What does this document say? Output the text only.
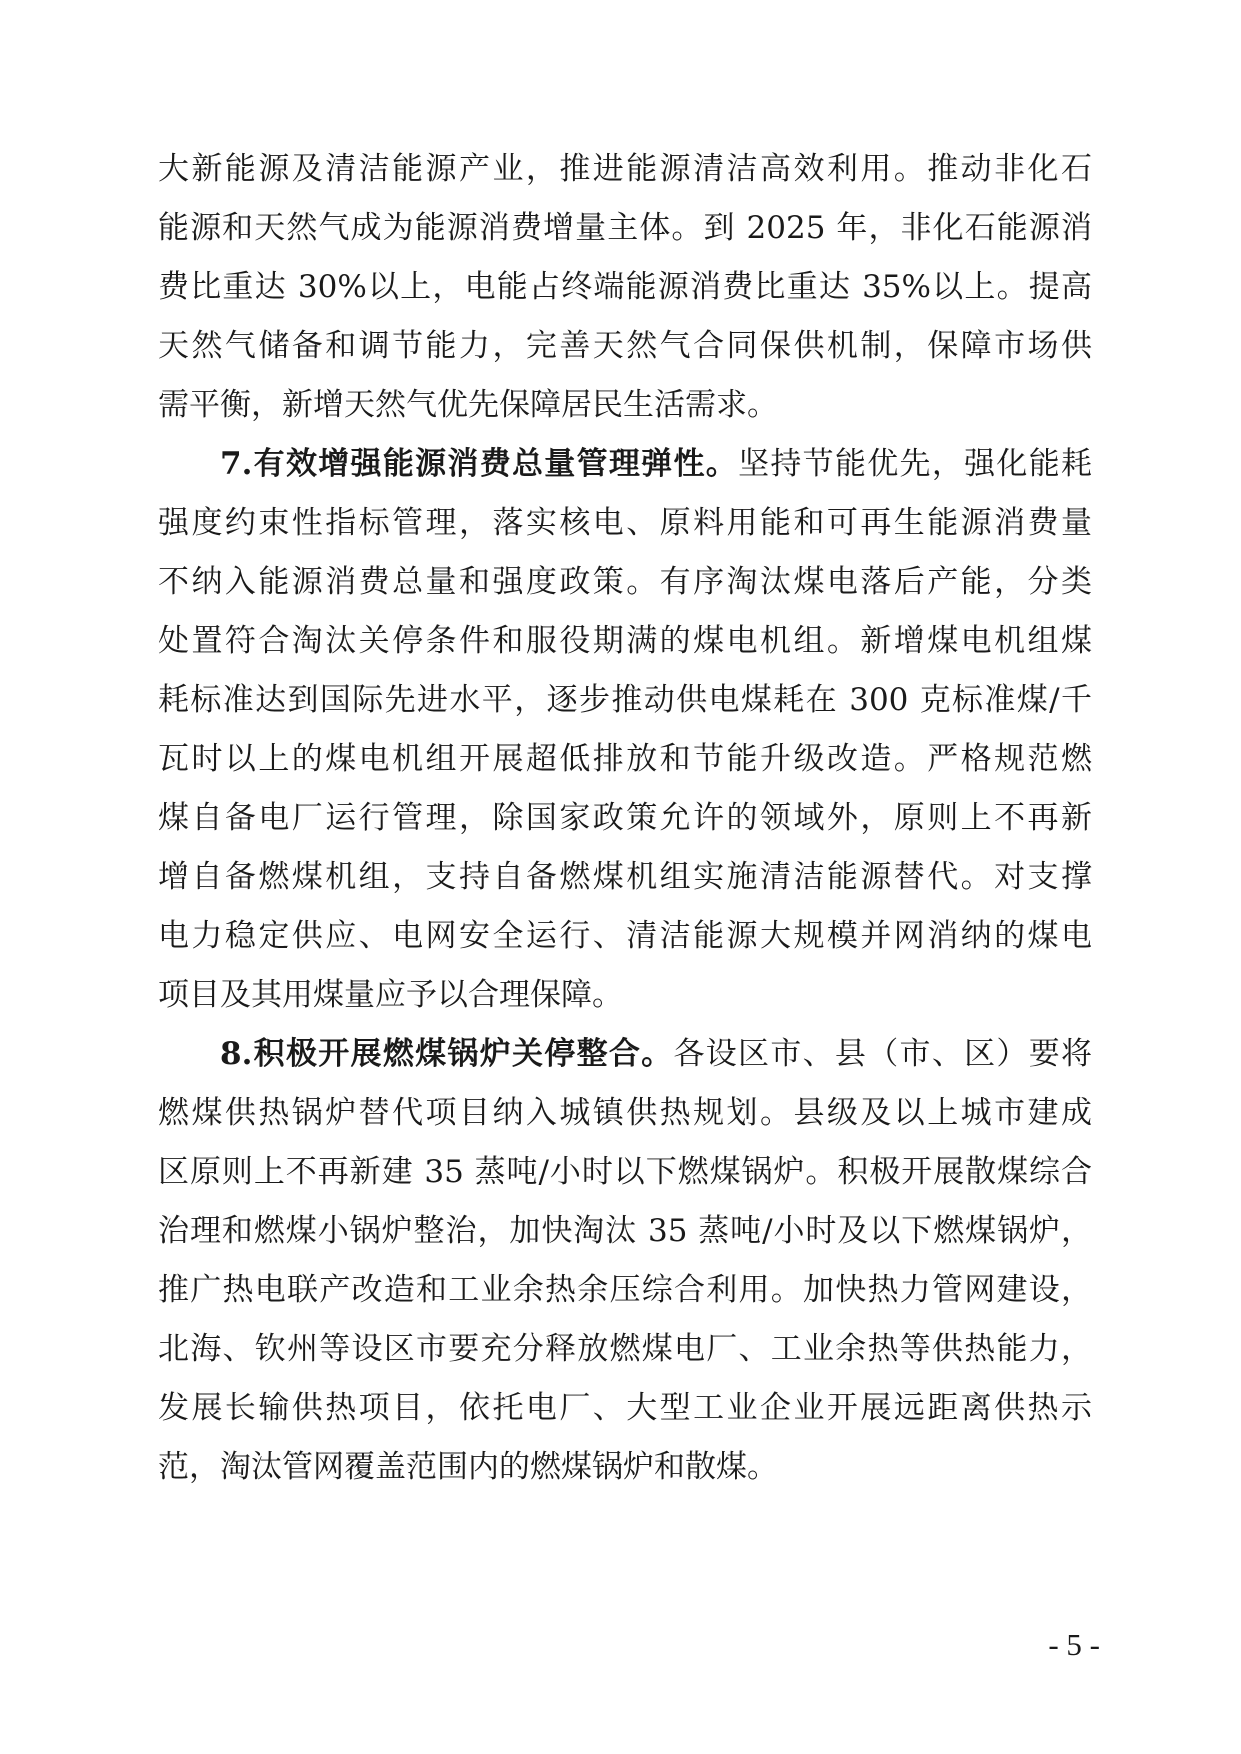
大新能源及清洁能源产业，推进能源清洁高效利用。推动非化石
能源和天然气成为能源消费增量主体。到 2025 年，非化石能源消
费比重达 30%以上，电能占终端能源消费比重达 35%以上。提高
天然气储备和调节能力，完善天然气合同保供机制，保障市场供
需平衡，新增天然气优先保障居民生活需求。
7.有效增强能源消费总量管理弹性。坚持节能优先，强化能耗
强度约束性指标管理，落实核电、原料用能和可再生能源消费量
不纳入能源消费总量和强度政策。有序淘汰煤电落后产能，分类
处置符合淘汰关停条件和服役期满的煤电机组。新增煤电机组煤
耗标准达到国际先进水平，逐步推动供电煤耗在 300 克标准煤/千
瓦时以上的煤电机组开展超低排放和节能升级改造。严格规范燃
煤自备电厂运行管理，除国家政策允许的领域外，原则上不再新
增自备燃煤机组，支持自备燃煤机组实施清洁能源替代。对支撑
电力稳定供应、电网安全运行、清洁能源大规模并网消纳的煤电
项目及其用煤量应予以合理保障。
8.积极开展燃煤锅炉关停整合。各设区市、县（市、区）要将
燃煤供热锅炉替代项目纳入城镇供热规划。县级及以上城市建成
区原则上不再新建 35 蒸吨/小时以下燃煤锅炉。积极开展散煤综合
治理和燃煤小锅炉整治，加快淘汰 35 蒸吨/小时及以下燃煤锅炉，
推广热电联产改造和工业余热余压综合利用。加快热力管网建设，
北海、钦州等设区市要充分释放燃煤电厂、工业余热等供热能力，
发展长输供热项目，依托电厂、大型工业企业开展远距离供热示
范，淘汰管网覆盖范围内的燃煤锅炉和散煤。
- 5 -
